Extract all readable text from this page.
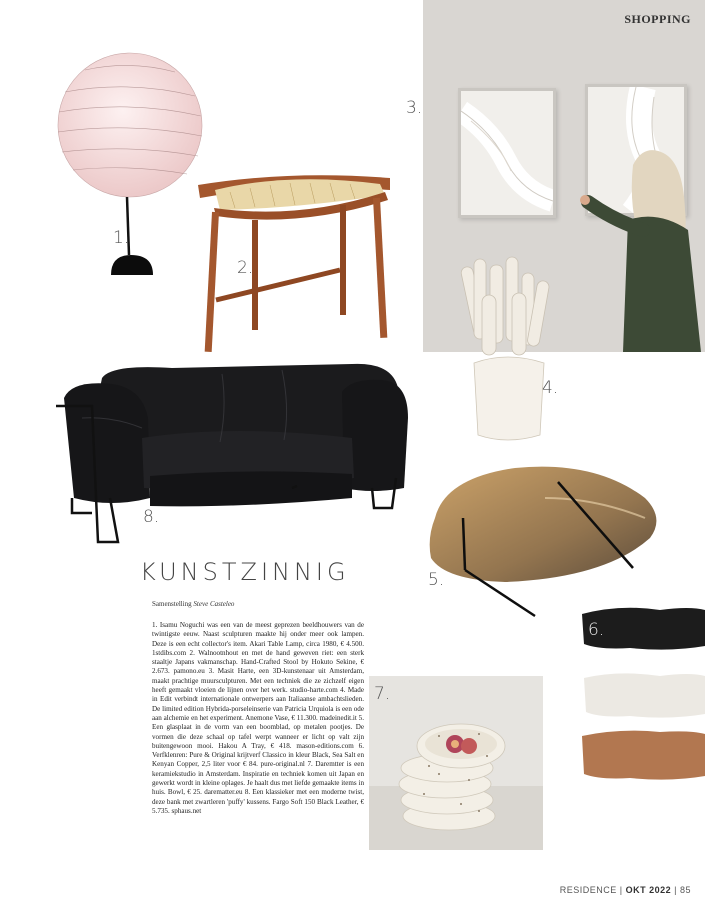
SHOPPING
1.
2.
3.
4.
8.
5.
6.
KUNSTZINNIG
Samenstelling Steve Casteleo
1. Isamu Noguchi was een van de meest geprezen beeldhouwers van de twintigste eeuw. Naast sculpturen maakte hij onder meer ook lampen. Deze is een echt collector's item. Akari Table Lamp, circa 1980, € 4.500. 1stdibs.com 2. Walnootnhout en met de hand geweven riet: een sterk staaltje Japans vakmanschap. Hand-Crafted Stool by Hokuto Sekine, € 2.673. pamono.eu 3. Masit Harte, een 3D-kunstenaar uit Amsterdam, maakt prachtige muursculpturen. Met een techniek die ze zichzelf eigen heeft gemaakt vloeien de lijnen over het werk. studio-harte.com 4. Made in Edit verbindt internationale ontwerpers aan Italiaanse ambachtslieden. De limited edition Hybrida-porseleinserie van Patricia Urquiola is een ode aan alchemie en het experiment. Anemone Vase, € 11.300. madeinedit.it 5. Een glasplaat in de vorm van een boomblad, op metalen pootjes. De vormen die deze schaal op tafel werpt wanneer er licht op valt zijn buitengewoon mooi. Hakou A Tray, € 418. mason-editions.com 6. Verfklenren: Pure & Original krijtverf Classico in kleur Black, Sea Salt en Kenyan Copper, 2,5 liter voor € 84. pure-original.nl 7. Daremtter is een keramiekstudio in Amsterdam. Inspiratie en techniek komen uit Japan en gewerkt wordt in kleine oplages. Je haalt dus met liefde gemaakte items in huis. Bowl, € 25. darematter.eu 8. Een klassieker met een moderne twist, deze bank met zwartleren 'puffy' kussens. Fargo Soft 150 Black Leather, € 5.735. sphaus.net
7.
RESIDENCE | OKT 2022 | 85
